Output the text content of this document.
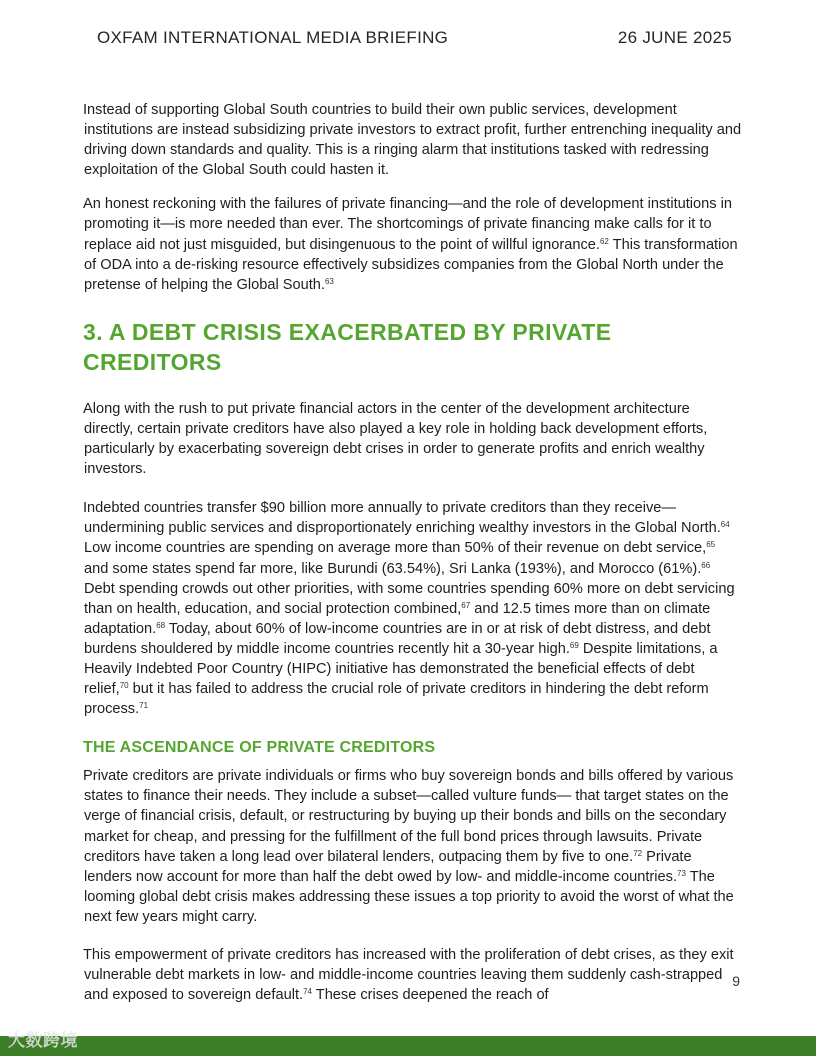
OXFAM INTERNATIONAL MEDIA BRIEFING	26 JUNE 2025

Instead of supporting Global South countries to build their own public services, development institutions are instead subsidizing private investors to extract profit, further entrenching inequality and driving down standards and quality. This is a ringing alarm that institutions tasked with redressing exploitation of the Global South could hasten it.

An honest reckoning with the failures of private financing—and the role of development institutions in promoting it—is more needed than ever. The shortcomings of private financing make calls for it to replace aid not just misguided, but disingenuous to the point of willful ignorance.$^{62}$ This transformation of ODA into a de-risking resource effectively subsidizes companies from the Global North under the pretense of helping the Global South.$^{63}$

3. A DEBT CRISIS EXACERBATED BY PRIVATE CREDITORS

Along with the rush to put private financial actors in the center of the development architecture directly, certain private creditors have also played a key role in holding back development efforts, particularly by exacerbating sovereign debt crises in order to generate profits and enrich wealthy investors.

Indebted countries transfer $90 billion more annually to private creditors than they receive—undermining public services and disproportionately enriching wealthy investors in the Global North.$^{64}$ Low income countries are spending on average more than 50% of their revenue on debt service,$^{65}$ and some states spend far more, like Burundi (63.54%), Sri Lanka (193%), and Morocco (61%).$^{66}$ Debt spending crowds out other priorities, with some countries spending 60% more on debt servicing than on health, education, and social protection combined,$^{67}$ and 12.5 times more than on climate adaptation.$^{68}$ Today, about 60% of low-income countries are in or at risk of debt distress, and debt burdens shouldered by middle income countries recently hit a 30-year high.$^{69}$ Despite limitations, a Heavily Indebted Poor Country (HIPC) initiative has demonstrated the beneficial effects of debt relief,$^{70}$ but it has failed to address the crucial role of private creditors in hindering the debt reform process.$^{71}$

THE ASCENDANCE OF PRIVATE CREDITORS

Private creditors are private individuals or firms who buy sovereign bonds and bills offered by various states to finance their needs. They include a subset—called vulture funds— that target states on the verge of financial crisis, default, or restructuring by buying up their bonds and bills on the secondary market for cheap, and pressing for the fulfillment of the full bond prices through lawsuits. Private creditors have taken a long lead over bilateral lenders, outpacing them by five to one.$^{72}$ Private lenders now account for more than half the debt owed by low- and middle-income countries.$^{73}$ The looming global debt crisis makes addressing these issues a top priority to avoid the worst of what the next few years might carry.

This empowerment of private creditors has increased with the proliferation of debt crises, as they exit vulnerable debt markets in low- and middle-income countries leaving them suddenly cash-strapped and exposed to sovereign default.$^{74}$ These crises deepened the reach of

9
大数跨境
